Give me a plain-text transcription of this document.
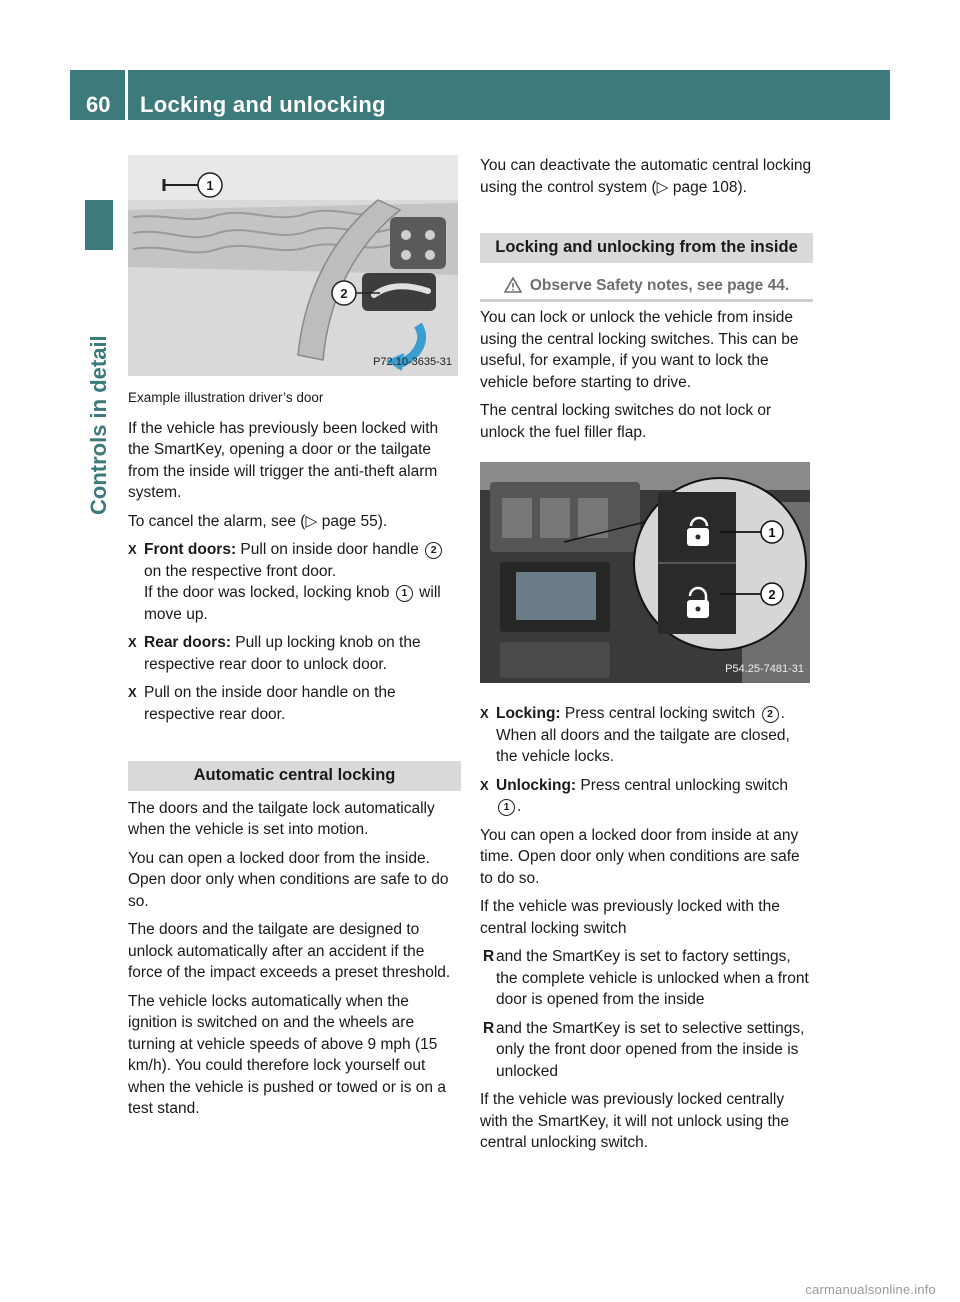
60 Locking and unlocking
Controls in detail
1
2
P72.10-3635-31

Example illustration driver’s door

If the vehicle has previously been locked with the SmartKey, opening a door or the tailgate from the inside will trigger the anti-theft alarm system.

To cancel the alarm, see (▷ page 55).

X Front doors: Pull on inside door handle 2 on the respective front door.
If the door was locked, locking knob 1 will move up.
X Rear doors: Pull up locking knob on the respective rear door to unlock door.
X Pull on the inside door handle on the respective rear door.
Automatic central locking

The doors and the tailgate lock automatically when the vehicle is set into motion.

You can open a locked door from the inside. Open door only when conditions are safe to do so.

The doors and the tailgate are designed to unlock automatically after an accident if the force of the impact exceeds a preset threshold.

The vehicle locks automatically when the ignition is switched on and the wheels are turning at vehicle speeds of above 9 mph (15 km/h). You could therefore lock yourself out when the vehicle is pushed or towed or is on a test stand.

You can deactivate the automatic central locking using the control system (▷ page 108).

Locking and unlocking from the inside
Observe Safety notes, see page 44.

You can lock or unlock the vehicle from inside using the central locking switches. This can be useful, for example, if you want to lock the vehicle before starting to drive.

The central locking switches do not lock or unlock the fuel filler flap.

1
2
P54.25-7481-31
X Locking: Press central locking switch 2 .
When all doors and the tailgate are closed, the vehicle locks.
X Unlocking: Press central unlocking switch 1 .

You can open a locked door from inside at any time. Open door only when conditions are safe to do so.

If the vehicle was previously locked with the central locking switch

R and the SmartKey is set to factory settings, the complete vehicle is unlocked when a front door is opened from the inside
R and the SmartKey is set to selective settings, only the front door opened from the inside is unlocked

If the vehicle was previously locked centrally with the SmartKey, it will not unlock using the central unlocking switch.

carmanualsonline.info
